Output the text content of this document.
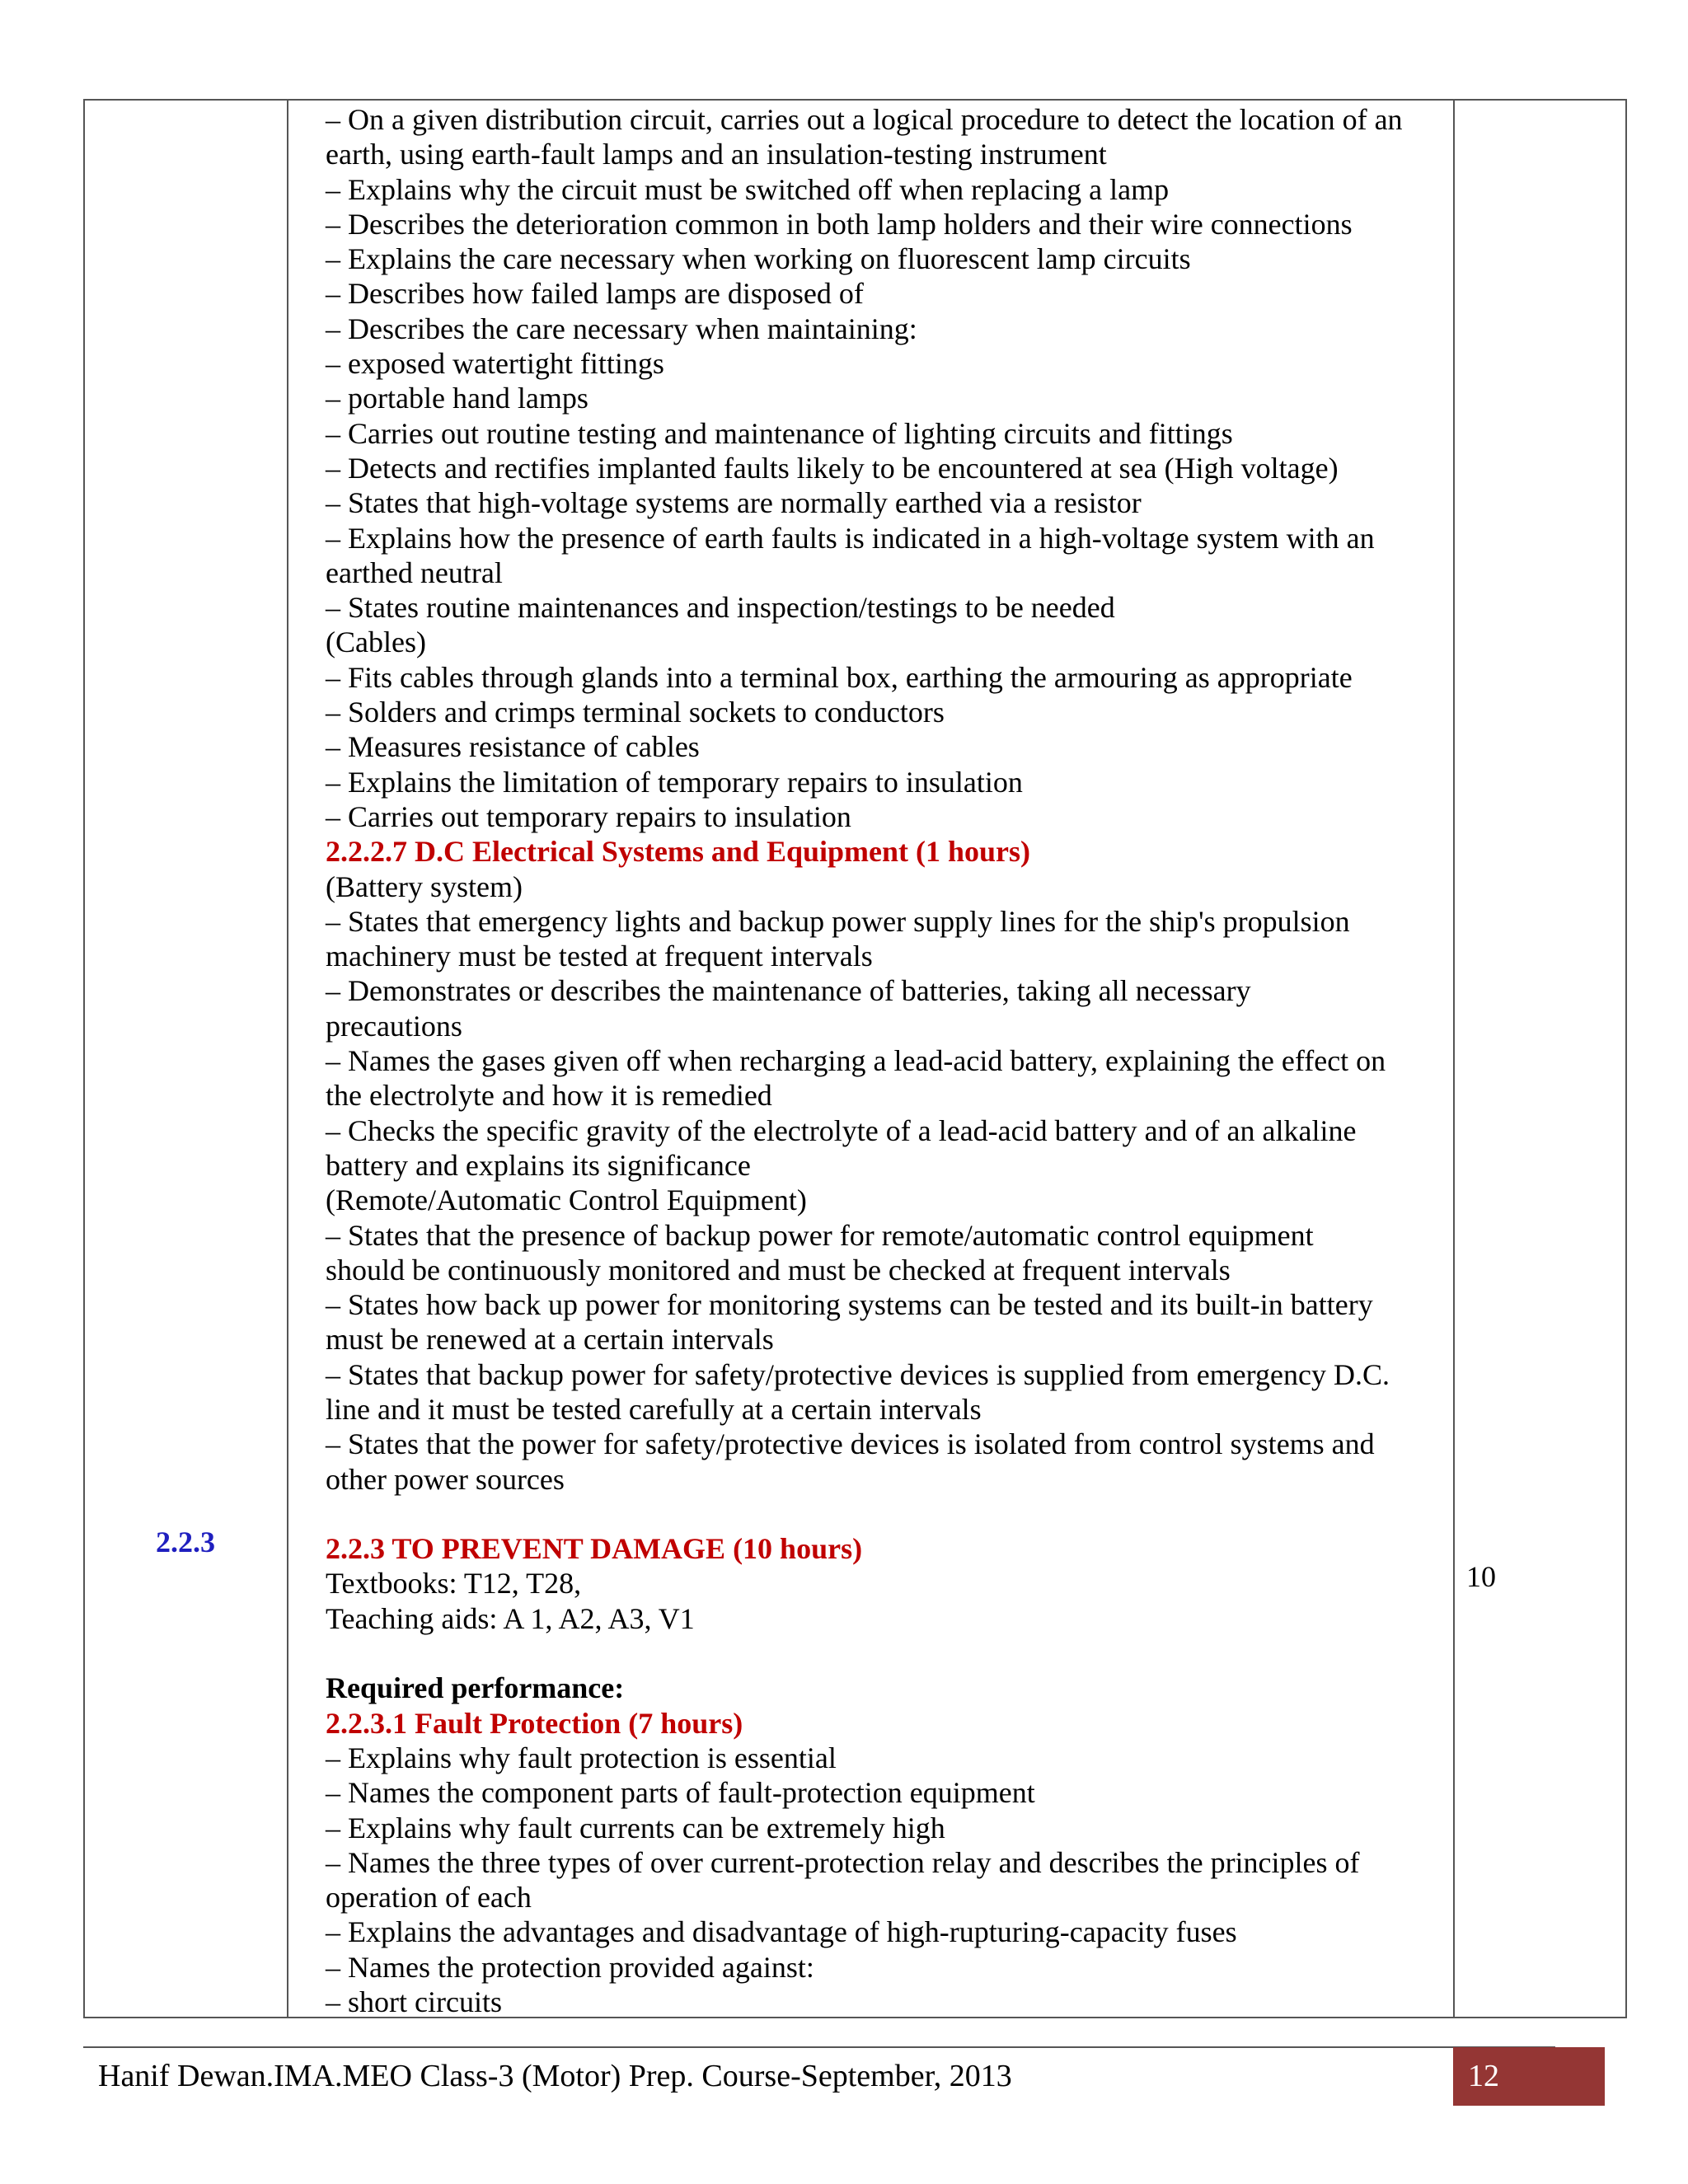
2.2.3
– On a given distribution circuit, carries out a logical procedure to detect the location of an
earth, using earth-fault lamps and an insulation-testing instrument
– Explains why the circuit must be switched off when replacing a lamp
– Describes the deterioration common in both lamp holders and their wire connections
– Explains the care necessary when working on fluorescent lamp circuits
– Describes how failed lamps are disposed of
– Describes the care necessary when maintaining:
– exposed watertight fittings
– portable hand lamps
– Carries out routine testing and maintenance of lighting circuits and fittings
– Detects and rectifies implanted faults likely to be encountered at sea (High voltage)
– States that high-voltage systems are normally earthed via a resistor
– Explains how the presence of earth faults is indicated in a high-voltage system with an
earthed neutral
– States routine maintenances and inspection/testings to be needed
(Cables)
– Fits cables through glands into a terminal box, earthing the armouring as appropriate
– Solders and crimps terminal sockets to conductors
– Measures resistance of cables
– Explains the limitation of temporary repairs to insulation
– Carries out temporary repairs to insulation
2.2.2.7 D.C Electrical Systems and Equipment (1 hours)
(Battery system)
– States that emergency lights and backup power supply lines for the ship's propulsion
machinery must be tested at frequent intervals
– Demonstrates or describes the maintenance of batteries, taking all necessary
precautions
– Names the gases given off when recharging a lead-acid battery, explaining the effect on
the electrolyte and how it is remedied
– Checks the specific gravity of the electrolyte of a lead-acid battery and of an alkaline
battery and explains its significance
(Remote/Automatic Control Equipment)
– States that the presence of backup power for remote/automatic control equipment
should be continuously monitored and must be checked at frequent intervals
– States how back up power for monitoring systems can be tested and its built-in battery
must be renewed at a certain intervals
– States that backup power for safety/protective devices is supplied from emergency D.C.
line and it must be tested carefully at a certain intervals
– States that the power for safety/protective devices is isolated from control systems and
other power sources
2.2.3 TO PREVENT DAMAGE (10 hours)
Textbooks: T12, T28,
Teaching aids: A 1, A2, A3, V1
Required performance:
2.2.3.1 Fault Protection (7 hours)
– Explains why fault protection is essential
– Names the component parts of fault-protection equipment
– Explains why fault currents can be extremely high
– Names the three types of over current-protection relay and describes the principles of
operation of each
– Explains the advantages and disadvantage of high-rupturing-capacity fuses
– Names the protection provided against:
– short circuits
10
Hanif Dewan.IMA.MEO Class-3 (Motor) Prep. Course-September, 2013	12
